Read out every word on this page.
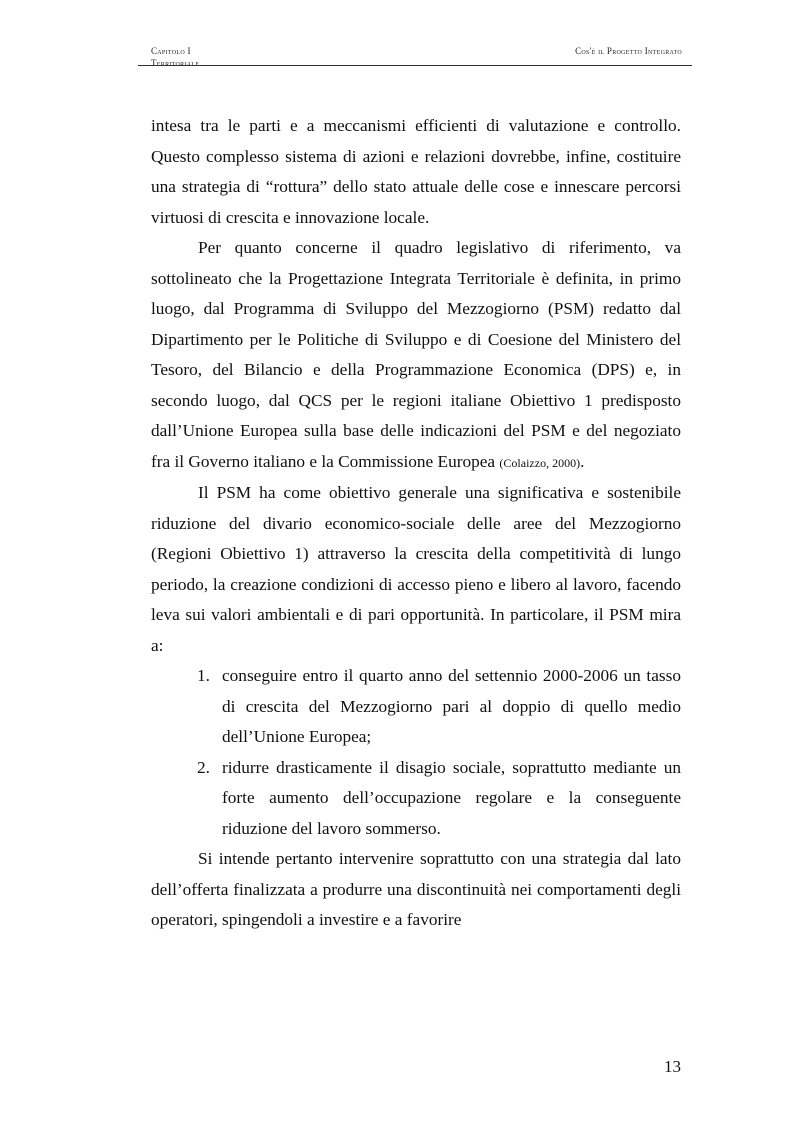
Capitolo I
Territoriale
Cos'è il Progetto Integrato

intesa tra le parti e a meccanismi efficienti di valutazione e controllo. Questo complesso sistema di azioni e relazioni dovrebbe, infine, costituire una strategia di “rottura” dello stato attuale delle cose e innescare percorsi virtuosi di crescita e innovazione locale.

Per quanto concerne il quadro legislativo di riferimento, va sottolineato che la Progettazione Integrata Territoriale è definita, in primo luogo, dal Programma di Sviluppo del Mezzogiorno (PSM) redatto dal Dipartimento per le Politiche di Sviluppo e di Coesione del Ministero del Tesoro, del Bilancio e della Programmazione Economica (DPS) e, in secondo luogo, dal QCS per le regioni italiane Obiettivo 1 predisposto dall’Unione Europea sulla base delle indicazioni del PSM e del negoziato fra il Governo italiano e la Commissione Europea (Colaizzo, 2000).

Il PSM ha come obiettivo generale una significativa e sostenibile riduzione del divario economico-sociale delle aree del Mezzogiorno (Regioni Obiettivo 1) attraverso la crescita della competitività di lungo periodo, la creazione condizioni di accesso pieno e libero al lavoro, facendo leva sui valori ambientali e di pari opportunità. In particolare, il PSM mira a:

1. conseguire entro il quarto anno del settennio 2000-2006 un tasso di crescita del Mezzogiorno pari al doppio di quello medio dell’Unione Europea;
2. ridurre drasticamente il disagio sociale, soprattutto mediante un forte aumento dell’occupazione regolare e la conseguente riduzione del lavoro sommerso.

Si intende pertanto intervenire soprattutto con una strategia dal lato dell’offerta finalizzata a produrre una discontinuità nei comportamenti degli operatori, spingendoli a investire e a favorire

13
